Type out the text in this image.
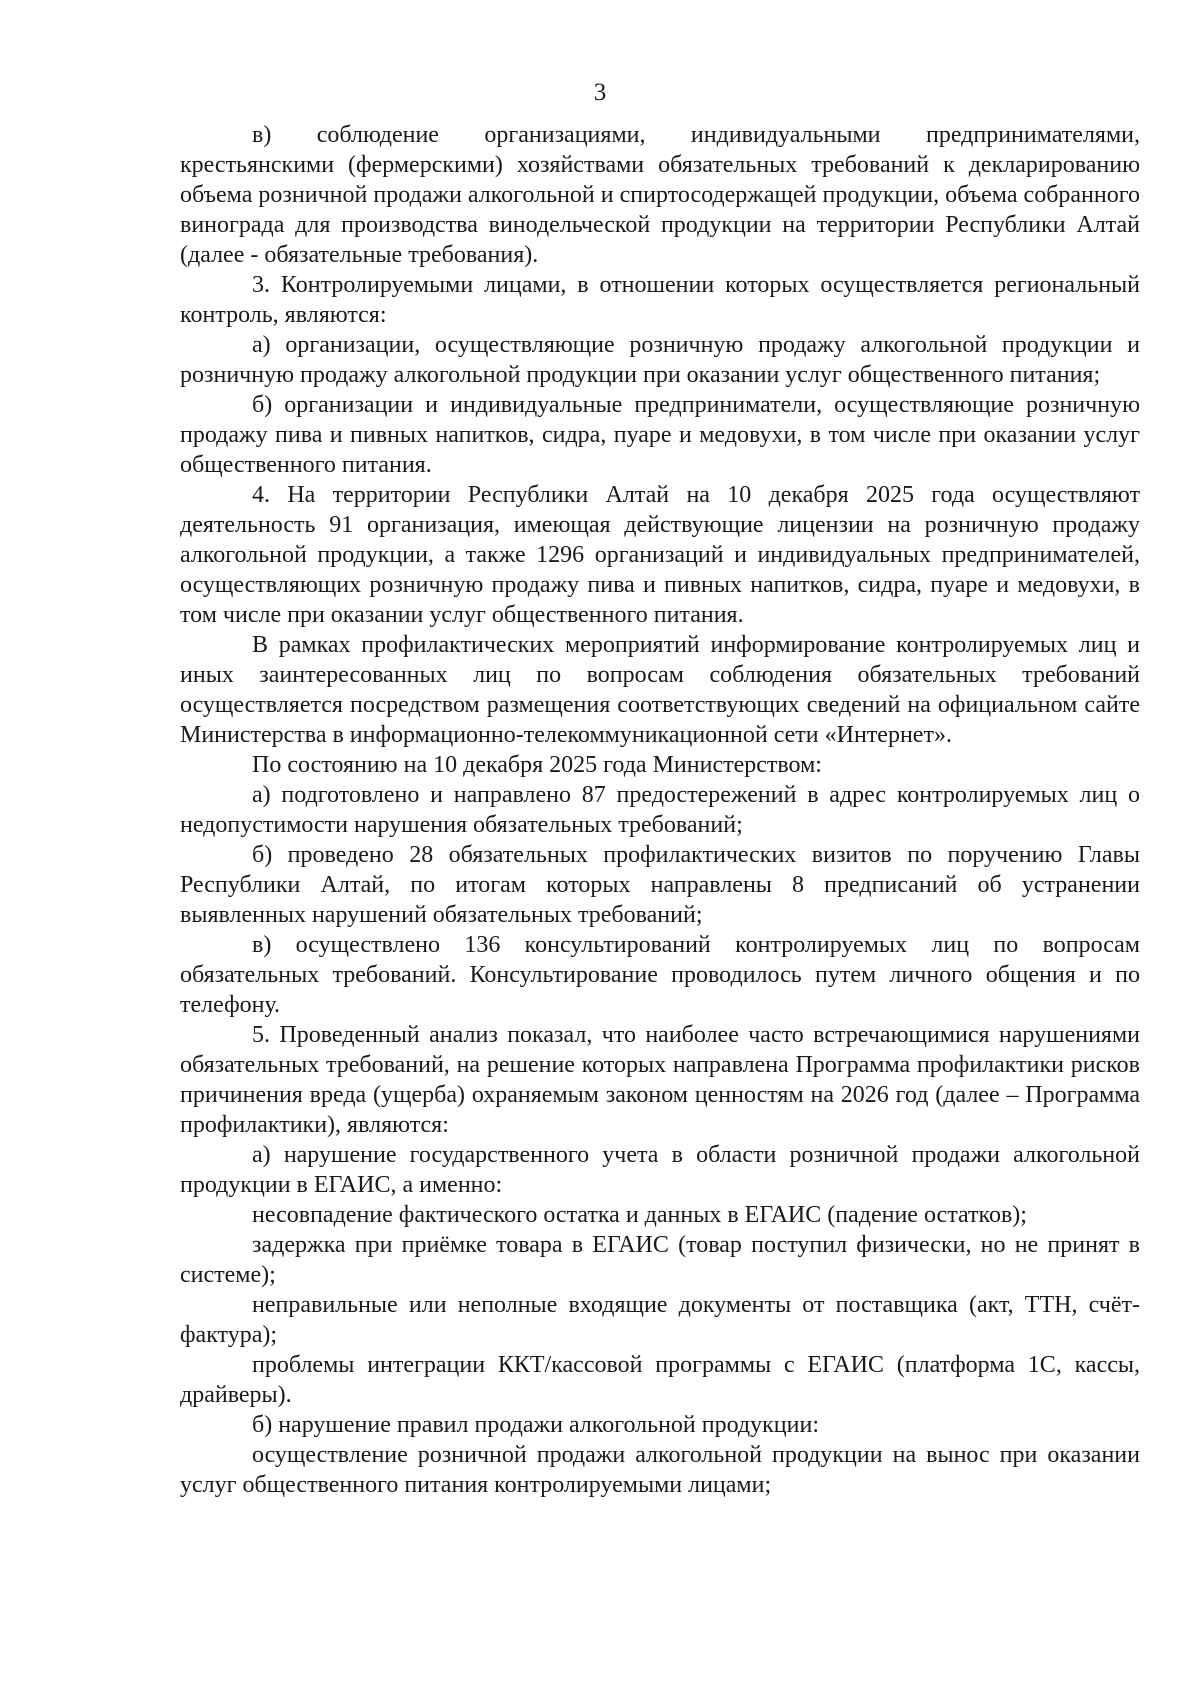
3

в) соблюдение организациями, индивидуальными предпринимателями, крестьянскими (фермерскими) хозяйствами обязательных требований к декларированию объема розничной продажи алкогольной и спиртосодержащей продукции, объема собранного винограда для производства винодельческой продукции на территории Республики Алтай (далее - обязательные требования).

3. Контролируемыми лицами, в отношении которых осуществляется региональный контроль, являются:

а) организации, осуществляющие розничную продажу алкогольной продукции и розничную продажу алкогольной продукции при оказании услуг общественного питания;

б) организации и индивидуальные предприниматели, осуществляющие розничную продажу пива и пивных напитков, сидра, пуаре и медовухи, в том числе при оказании услуг общественного питания.

4. На территории Республики Алтай на 10 декабря 2025 года осуществляют деятельность 91 организация, имеющая действующие лицензии на розничную продажу алкогольной продукции, а также 1296 организаций и индивидуальных предпринимателей, осуществляющих розничную продажу пива и пивных напитков, сидра, пуаре и медовухи, в том числе при оказании услуг общественного питания.

В рамках профилактических мероприятий информирование контролируемых лиц и иных заинтересованных лиц по вопросам соблюдения обязательных требований осуществляется посредством размещения соответствующих сведений на официальном сайте Министерства в информационно-телекоммуникационной сети «Интернет».

По состоянию на 10 декабря 2025 года Министерством:

а) подготовлено и направлено 87 предостережений в адрес контролируемых лиц о недопустимости нарушения обязательных требований;

б) проведено 28 обязательных профилактических визитов по поручению Главы Республики Алтай, по итогам которых направлены 8 предписаний об устранении выявленных нарушений обязательных требований;

в) осуществлено 136 консультирований контролируемых лиц по вопросам обязательных требований. Консультирование проводилось путем личного общения и по телефону.

5. Проведенный анализ показал, что наиболее часто встречающимися нарушениями обязательных требований, на решение которых направлена Программа профилактики рисков причинения вреда (ущерба) охраняемым законом ценностям на 2026 год (далее – Программа профилактики), являются:

а) нарушение государственного учета в области розничной продажи алкогольной продукции в ЕГАИС, а именно:

несовпадение фактического остатка и данных в ЕГАИС (падение остатков);

задержка при приёмке товара в ЕГАИС (товар поступил физически, но не принят в системе);

неправильные или неполные входящие документы от поставщика (акт, ТТН, счёт-фактура);

проблемы интеграции ККТ/кассовой программы с ЕГАИС (платформа 1С, кассы, драйверы).

б) нарушение правил продажи алкогольной продукции:

осуществление розничной продажи алкогольной продукции на вынос при оказании услуг общественного питания контролируемыми лицами;
